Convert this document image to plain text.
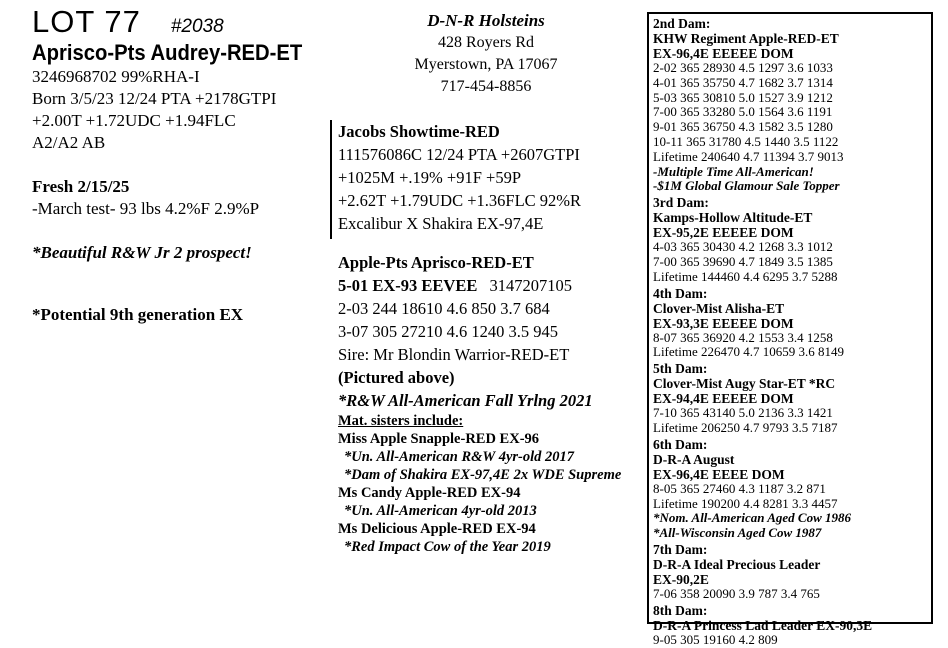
LOT 77 #2038
Aprisco-Pts Audrey-RED-ET
3246968702 99%RHA-I
Born 3/5/23 12/24 PTA +2178GTPI
+2.00T +1.72UDC +1.94FLC
A2/A2 AB
Fresh 2/15/25
-March test- 93 lbs 4.2%F 2.9%P
*Beautiful R&W Jr 2 prospect!
*Potential 9th generation EX
D-N-R Holsteins
428 Royers Rd
Myerstown, PA 17067
717-454-8856
Jacobs Showtime-RED
111576086C 12/24 PTA +2607GTPI
+1025M +.19% +91F +59P
+2.62T +1.79UDC +1.36FLC 92%R
Excalibur X Shakira EX-97,4E
Apple-Pts Aprisco-RED-ET
5-01 EX-93 EEVEE 3147207105
2-03 244 18610 4.6 850 3.7 684
3-07 305 27210 4.6 1240 3.5 945
Sire: Mr Blondin Warrior-RED-ET
(Pictured above)
*R&W All-American Fall Yrlng 2021
Mat. sisters include:
Miss Apple Snapple-RED EX-96
*Un. All-American R&W 4yr-old 2017
*Dam of Shakira EX-97,4E 2x WDE Supreme
Ms Candy Apple-RED EX-94
*Un. All-American 4yr-old 2013
Ms Delicious Apple-RED EX-94
*Red Impact Cow of the Year 2019
2nd Dam:
KHW Regiment Apple-RED-ET
EX-96,4E EEEEE DOM
2-02 365 28930 4.5 1297 3.6 1033
4-01 365 35750 4.7 1682 3.7 1314
5-03 365 30810 5.0 1527 3.9 1212
7-00 365 33280 5.0 1564 3.6 1191
9-01 365 36750 4.3 1582 3.5 1280
10-11 365 31780 4.5 1440 3.5 1122
Lifetime 240640 4.7 11394 3.7 9013
-Multiple Time All-American!
-$1M Global Glamour Sale Topper
3rd Dam:
Kamps-Hollow Altitude-ET
EX-95,2E EEEEE DOM
4-03 365 30430 4.2 1268 3.3 1012
7-00 365 39690 4.7 1849 3.5 1385
Lifetime 144460 4.4 6295 3.7 5288
4th Dam:
Clover-Mist Alisha-ET
EX-93,3E EEEEE DOM
8-07 365 36920 4.2 1553 3.4 1258
Lifetime 226470 4.7 10659 3.6 8149
5th Dam:
Clover-Mist Augy Star-ET *RC
EX-94,4E EEEEE DOM
7-10 365 43140 5.0 2136 3.3 1421
Lifetime 206250 4.7 9793 3.5 7187
6th Dam:
D-R-A August
EX-96,4E EEEE DOM
8-05 365 27460 4.3 1187 3.2 871
Lifetime 190200 4.4 8281 3.3 4457
*Nom. All-American Aged Cow 1986
*All-Wisconsin Aged Cow 1987
7th Dam:
D-R-A Ideal Precious Leader
EX-90,2E
7-06 358 20090 3.9 787 3.4 765
8th Dam:
D-R-A Princess Lad Leader EX-90,3E
9-05 305 19160 4.2 809
